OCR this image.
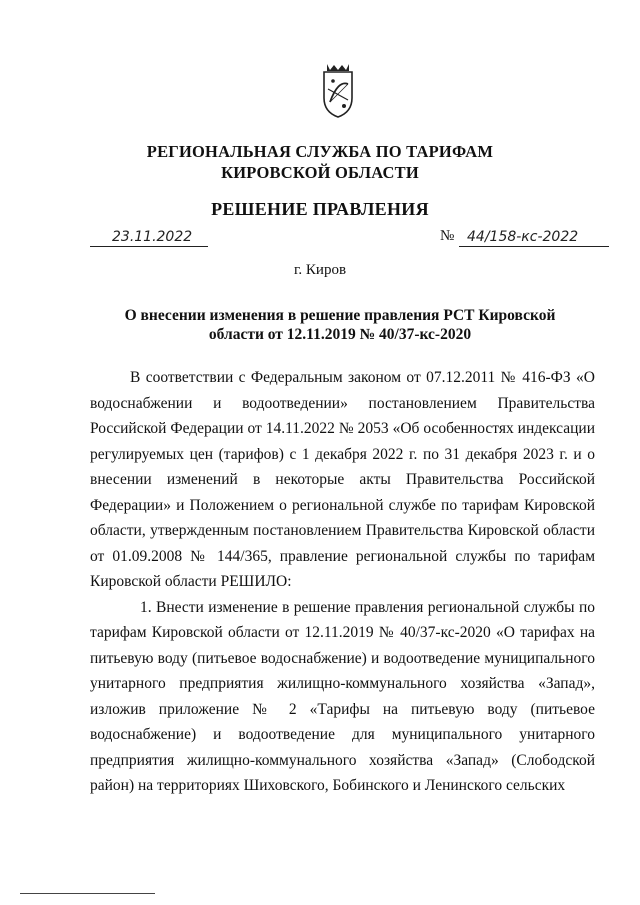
РЕГИОНАЛЬНАЯ СЛУЖБА ПО ТАРИФАМ
КИРОВСКОЙ ОБЛАСТИ
РЕШЕНИЕ ПРАВЛЕНИЯ
23.11.2022	№ 44/158-кс-2022
г. Киров
О внесении изменения в решение правления РСТ Кировской
области от 12.11.2019 № 40/37-кс-2020

В соответствии с Федеральным законом от 07.12.2011 № 416-ФЗ «О водоснабжении и водоотведении» постановлением Правительства Российской Федерации от 14.11.2022 № 2053 «Об особенностях индексации регулируемых цен (тарифов) с 1 декабря 2022 г. по 31 декабря 2023 г. и о внесении изменений в некоторые акты Правительства Российской Федерации» и Положением о региональной службе по тарифам Кировской области, утвержденным постановлением Правительства Кировской области от 01.09.2008 № 144/365, правление региональной службы по тарифам Кировской области РЕШИЛО:

1. Внести изменение в решение правления региональной службы по тарифам Кировской области от 12.11.2019 № 40/37-кс-2020 «О тарифах на питьевую воду (питьевое водоснабжение) и водоотведение муниципального унитарного предприятия жилищно-коммунального хозяйства «Запад», изложив приложение № 2 «Тарифы на питьевую воду (питьевое водоснабжение) и водоотведение для муниципального унитарного предприятия жилищно-коммунального хозяйства «Запад» (Слободской район) на территориях Шиховского, Бобинского и Ленинского сельских
